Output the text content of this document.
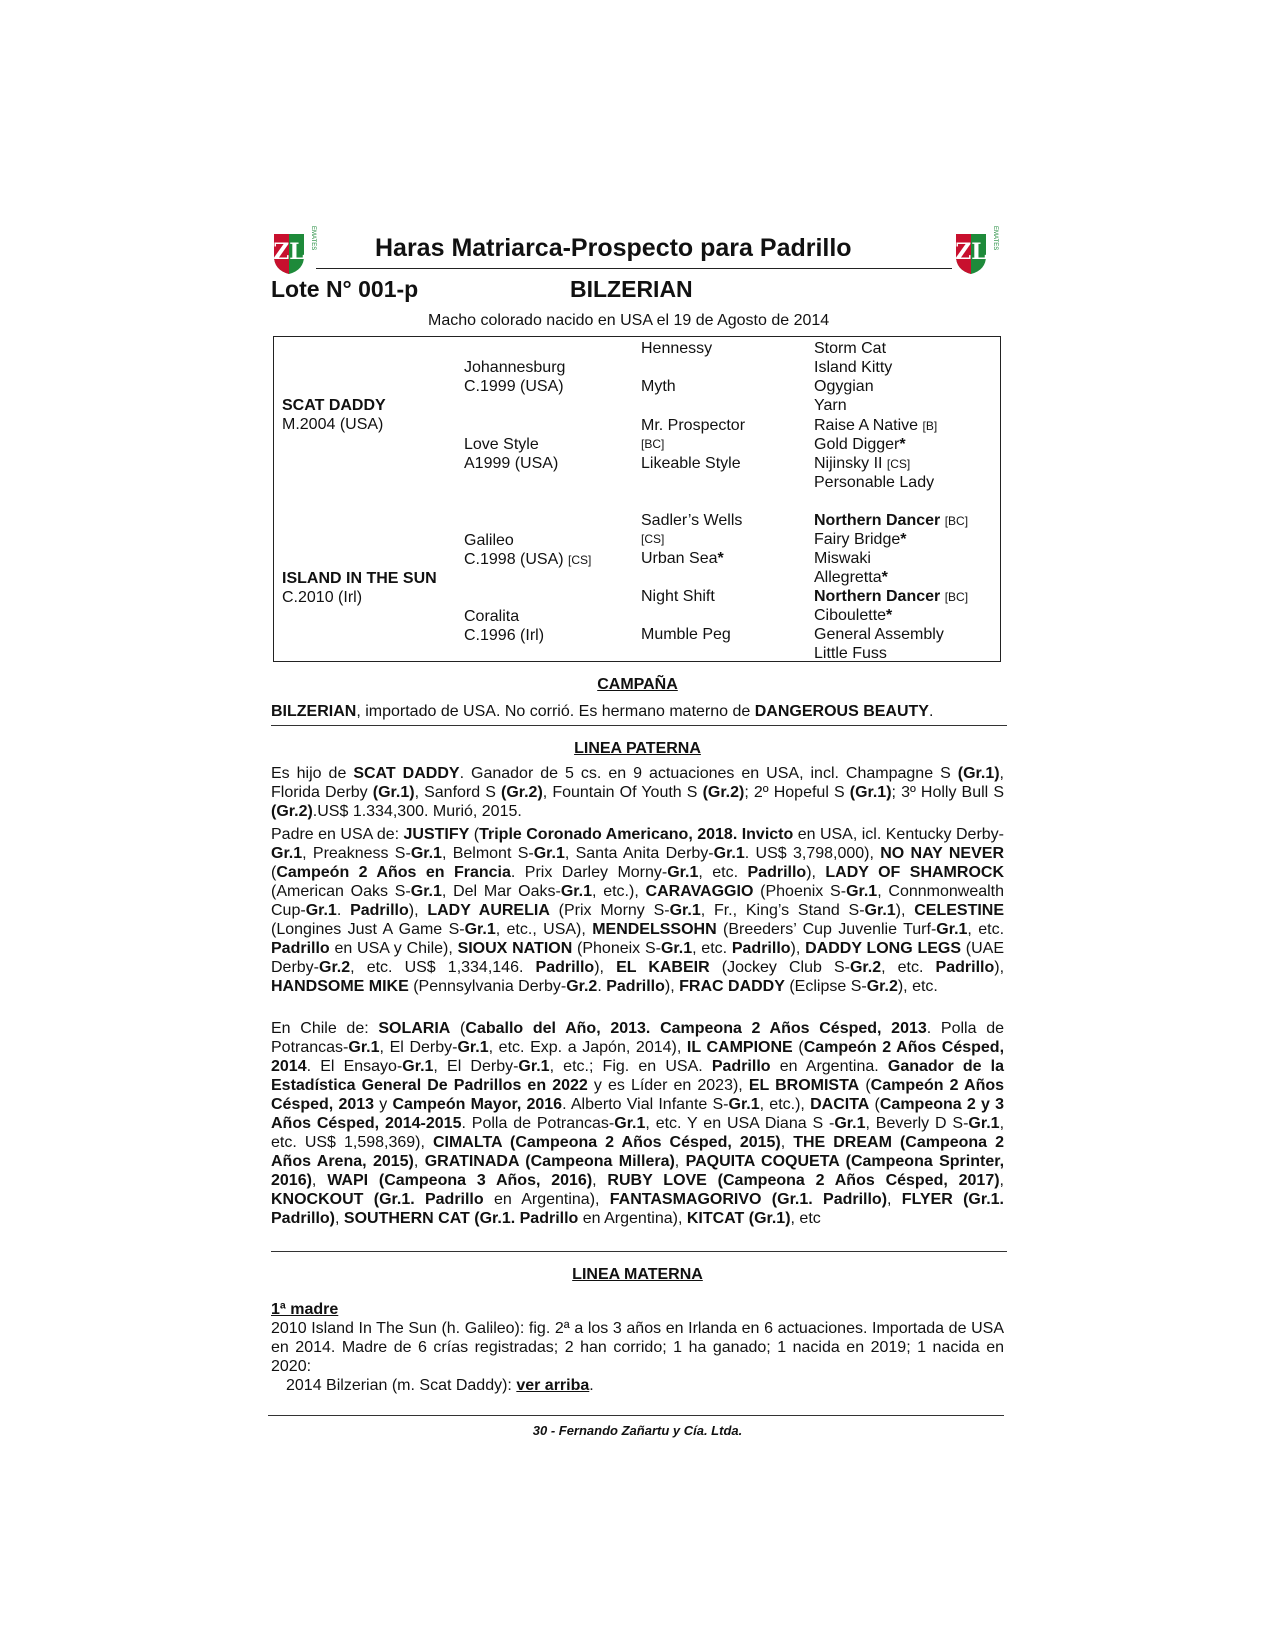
ZL
REMATES
ZL
REMATES
Haras Matriarca-Prospecto para Padrillo
Lote N° 001-p	BILZERIAN
Macho colorado nacido en USA el 19 de Agosto de 2014
SCAT DADDY
M.2004 (USA)
ISLAND IN THE SUN
C.2010 (Irl)
Johannesburg
C.1999 (USA)
Love Style
A1999 (USA)
Galileo
C.1998 (USA) [CS]
Coralita
C.1996 (Irl)
Hennessy
Myth
Mr. Prospector
[BC]
Likeable Style
Sadler’s Wells
[CS]
Urban Sea*
Night Shift
Mumble Peg
Storm Cat
Island Kitty
Ogygian
Yarn
Raise A Native [B]
Gold Digger*
Nijinsky II [CS]
Personable Lady
Northern Dancer [BC]
Fairy Bridge*
Miswaki
Allegretta*
Northern Dancer [BC]
Ciboulette*
General Assembly
Little Fuss
CAMPAÑA
BILZERIAN, importado de USA. No corrió. Es hermano materno de DANGEROUS BEAUTY.
LINEA PATERNA
Es hijo de SCAT DADDY. Ganador de 5 cs. en 9 actuaciones en USA, incl. Champagne S (Gr.1), Florida Derby (Gr.1), Sanford S (Gr.2), Fountain Of Youth S (Gr.2); 2º Hopeful S (Gr.1); 3º Holly Bull S (Gr.2).US$ 1.334,300. Murió, 2015.
Padre en USA de: JUSTIFY (Triple Coronado Americano, 2018. Invicto en USA, icl. Kentucky Derby-Gr.1, Preakness S-Gr.1, Belmont S-Gr.1, Santa Anita Derby-Gr.1. US$ 3,798,000), NO NAY NEVER (Campeón 2 Años en Francia. Prix Darley Morny-Gr.1, etc. Padrillo), LADY OF SHAMROCK (American Oaks S-Gr.1, Del Mar Oaks-Gr.1, etc.), CARAVAGGIO (Phoenix S-Gr.1, Connmonwealth Cup-Gr.1. Padrillo), LADY AURELIA (Prix Morny S-Gr.1, Fr., King’s Stand S-Gr.1), CELESTINE (Longines Just A Game S-Gr.1, etc., USA), MENDELSSOHN (Breeders’ Cup Juvenlie Turf-Gr.1, etc. Padrillo en USA y Chile), SIOUX NATION (Phoneix S-Gr.1, etc. Padrillo), DADDY LONG LEGS (UAE Derby-Gr.2, etc. US$ 1,334,146. Padrillo), EL KABEIR (Jockey Club S-Gr.2, etc. Padrillo), HANDSOME MIKE (Pennsylvania Derby-Gr.2. Padrillo), FRAC DADDY (Eclipse S-Gr.2), etc.
En Chile de: SOLARIA (Caballo del Año, 2013. Campeona 2 Años Césped, 2013. Polla de Potrancas-Gr.1, El Derby-Gr.1, etc. Exp. a Japón, 2014), IL CAMPIONE (Campeón 2 Años Césped, 2014. El Ensayo-Gr.1, El Derby-Gr.1, etc.; Fig. en USA. Padrillo en Argentina. Ganador de la Estadística General De Padrillos en 2022 y es Líder en 2023), EL BROMISTA (Campeón 2 Años Césped, 2013 y Campeón Mayor, 2016. Alberto Vial Infante S-Gr.1, etc.), DACITA (Campeona 2 y 3 Años Césped, 2014-2015. Polla de Potrancas-Gr.1, etc. Y en USA Diana S -Gr.1, Beverly D S-Gr.1, etc. US$ 1,598,369), CIMALTA (Campeona 2 Años Césped, 2015), THE DREAM (Campeona 2 Años Arena, 2015), GRATINADA (Campeona Millera), PAQUITA COQUETA (Campeona Sprinter, 2016), WAPI (Campeona 3 Años, 2016), RUBY LOVE (Campeona 2 Años Césped, 2017), KNOCKOUT (Gr.1. Padrillo en Argentina), FANTASMAGORIVO (Gr.1. Padrillo), FLYER (Gr.1. Padrillo), SOUTHERN CAT (Gr.1. Padrillo en Argentina), KITCAT (Gr.1), etc
LINEA MATERNA
1ª madre
2010 Island In The Sun (h. Galileo): fig. 2ª a los 3 años en Irlanda en 6 actuaciones. Importada de USA en 2014. Madre de 6 crías registradas; 2 han corrido; 1 ha ganado; 1 nacida en 2019; 1 nacida en 2020:
2014 Bilzerian (m. Scat Daddy): ver arriba.
30 - Fernando Zañartu y Cía. Ltda.
